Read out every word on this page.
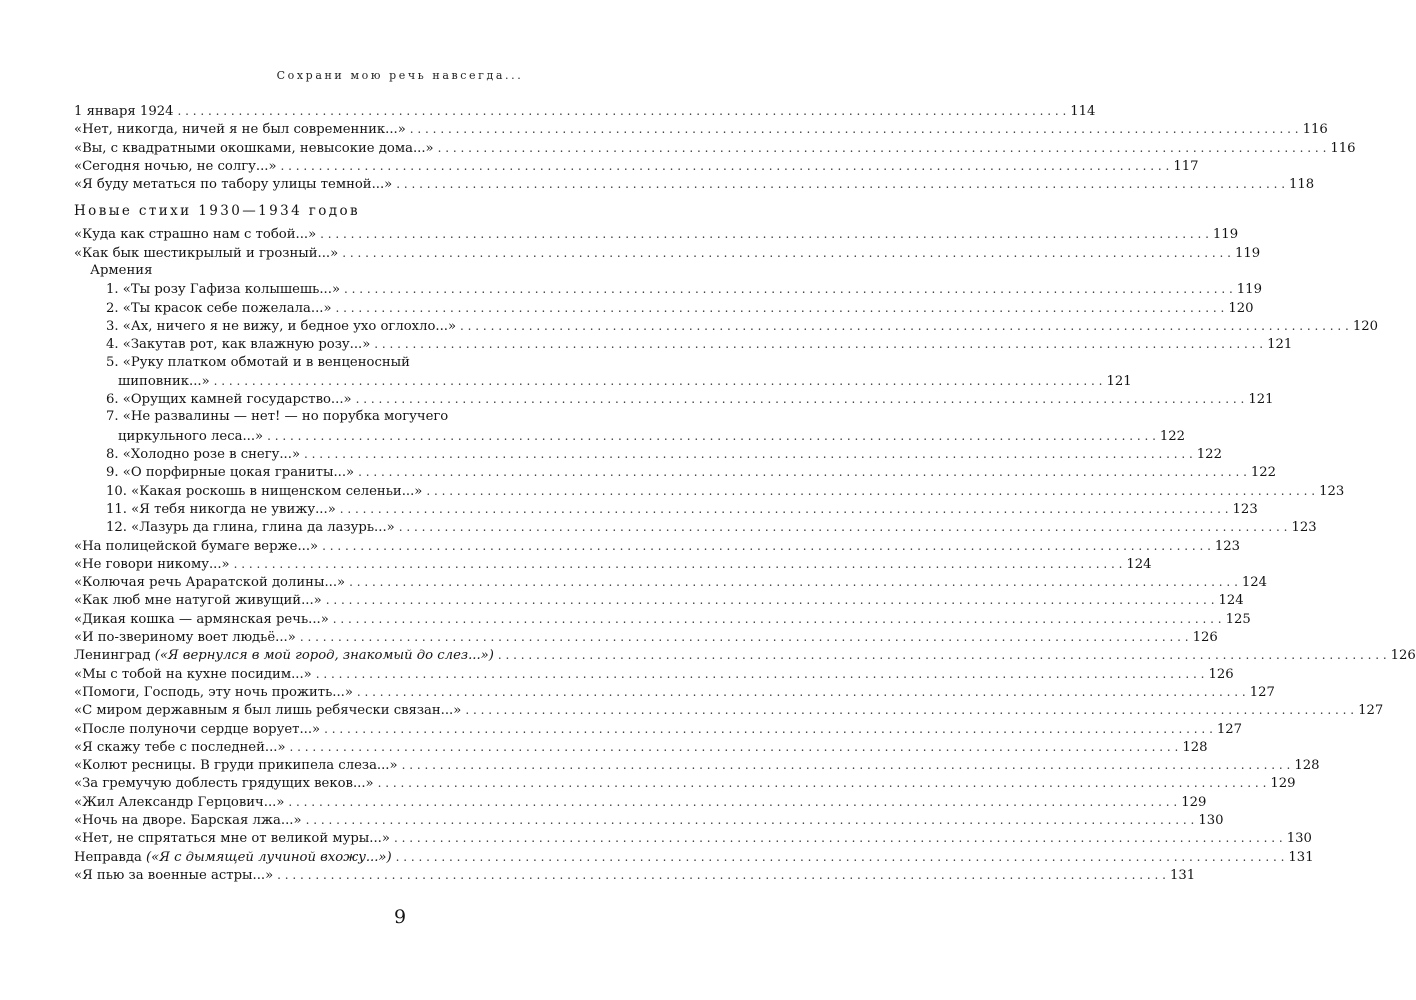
Сохрани мою речь навсегда...
1 января 1924 . . .	114
«Нет, никогда, ничей я не был современник...» . . .	116
«Вы, с квадратными окошками, невысокие дома...» . . .	116
«Сегодня ночью, не солгу...» . . .	117
«Я буду метаться по табору улицы темной...» . . .	118
Новые стихи 1930—1934 годов
«Куда как страшно нам с тобой...» . . .	119
«Как бык шестикрылый и грозный...» . . .	119
Армения
1. «Ты розу Гафиза колышешь...» . . .	119
2. «Ты красок себе пожелала...» . . .	120
3. «Ах, ничего я не вижу, и бедное ухо оглохло...» . . .	120
4. «Закутав рот, как влажную розу...» . . .	121
5. «Руку платком обмотай и в венценосный
шиповник...» . . .	121
6. «Орущих камней государство...» . . .	121
7. «Не развалины — нет! — но порубка могучего
циркульного леса...» . . .	122
8. «Холодно розе в снегу...» . . .	122
9. «О порфирные цокая граниты...» . . .	122
10. «Какая роскошь в нищенском селеньи...» . . .	123
11. «Я тебя никогда не увижу...» . . .	123
12. «Лазурь да глина, глина да лазурь...» . . .	123
«На полицейской бумаге верже...» . . .	123
«Не говори никому...» . . .	124
«Колючая речь Араратской долины...» . . .	124
«Как люб мне натугой живущий...» . . .	124
«Дикая кошка — армянская речь...» . . .	125
«И по-звериному воет людьё...» . . .	126
Ленинград («Я вернулся в мой город, знакомый до слез...») . . .	126
«Мы с тобой на кухне посидим...» . . .	126
«Помоги, Господь, эту ночь прожить...» . . .	127
«С миром державным я был лишь ребячески связан...» . . .	127
«После полуночи сердце ворует...» . . .	127
«Я скажу тебе с последней...» . . .	128
«Колют ресницы. В груди прикипела слеза...» . . .	128
«За гремучую доблесть грядущих веков...» . . .	129
«Жил Александр Герцович...» . . .	129
«Ночь на дворе. Барская лжа...» . . .	130
«Нет, не спрятаться мне от великой муры...» . . .	130
Неправда («Я с дымящей лучиной вхожу...») . . .	131
«Я пью за военные астры...» . . .	131
9
